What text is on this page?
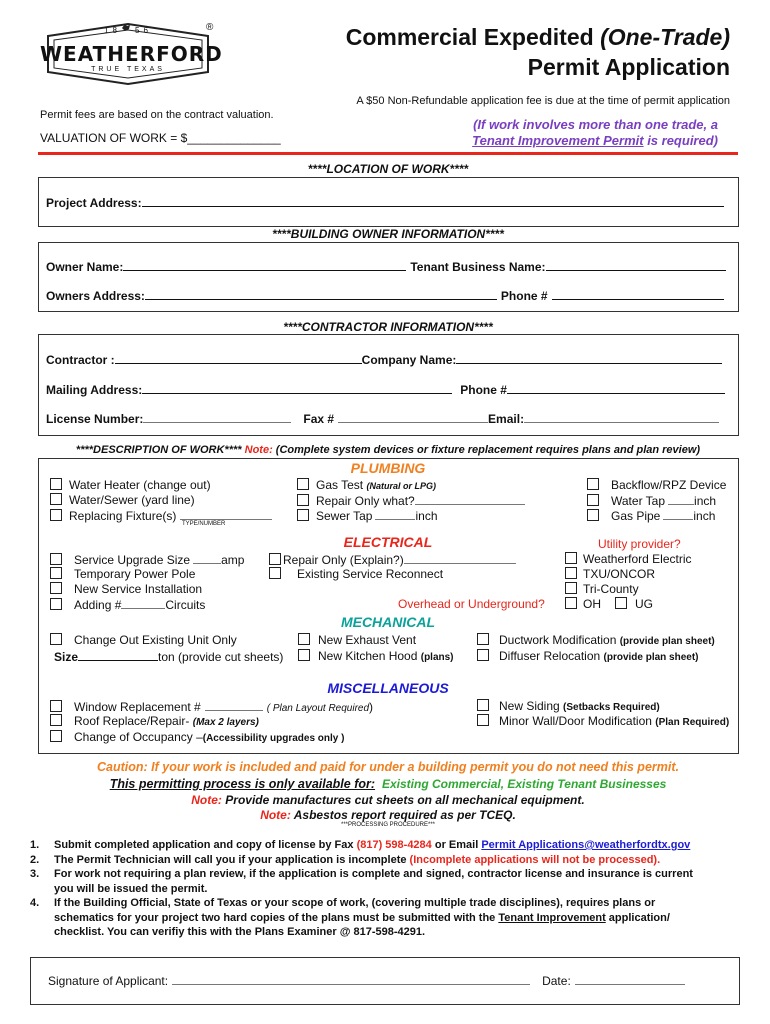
18 56
WEATHERFORD
TRUE TEXAS
®	Commercial Expedited (One-Trade)
Permit Application
A $50 Non-Refundable application fee is due at the time of permit application
Permit fees are based on the contract valuation.
VALUATION OF WORK = $______________
(If work involves more than one trade, a
Tenant Improvement Permit is required)
****LOCATION OF WORK****
Project Address:
****BUILDING OWNER INFORMATION****
Owner Name:	Tenant Business Name:
Owners Address:	Phone #
****CONTRACTOR INFORMATION****
Contractor :	Company Name:
Mailing Address:	Phone #
License Number:	Fax #	Email:
****DESCRIPTION OF WORK**** Note: (Complete system devices or fixture replacement requires plans and plan review)
PLUMBING
Water Heater (change out)
Water/Sewer (yard line)
Replacing Fixture(s)
TYPE/NUMBER
Gas Test (Natural or LPG)
Repair Only what?
Sewer Tap	inch
Backflow/RPZ Device
Water Tap inch
Gas Pipe	inch
ELECTRICAL
Service Upgrade Size	amp
Temporary Power Pole
New Service Installation
Adding #	Circuits
Repair Only (Explain?)
Existing Service Reconnect
Overhead or Underground?
Utility provider?
Weatherford Electric
TXU/ONCOR
Tri-County
OH	UG
MECHANICAL
Change Out Existing Unit Only
Size	ton (provide cut sheets)
New Exhaust Vent
New Kitchen Hood (plans)
Ductwork Modification (provide plan sheet)
Diffuser Relocation (provide plan sheet)
MISCELLANEOUS
Window Replacement #	( Plan Layout Required)
Roof Replace/Repair- (Max 2 layers)
Change of Occupancy –(Accessibility upgrades only )
New Siding (Setbacks Required)
Minor Wall/Door Modification (Plan Required)
Caution: If your work is included and paid for under a building permit you do not need this permit.
This permitting process is only available for: Existing Commercial, Existing Tenant Businesses
Note: Provide manufactures cut sheets on all mechanical equipment.
Note: Asbestos report required as per TCEQ.
***PROCESSING PROCEDURE***
1. Submit completed application and copy of license by Fax (817) 598-4284 or Email Permit Applications@weatherfordtx.gov
2. The Permit Technician will call you if your application is incomplete (Incomplete applications will not be processed).
3. For work not requiring a plan review, if the application is complete and signed, contractor license and insurance is current
you will be issued the permit.
4. If the Building Official, State of Texas or your scope of work, (covering multiple trade disciplines), requires plans or
schematics for your project two hard copies of the plans must be submitted with the Tenant Improvement application/
checklist. You can verifiy this with the Plans Examiner @ 817-598-4291.
Signature of Applicant:	Date:
